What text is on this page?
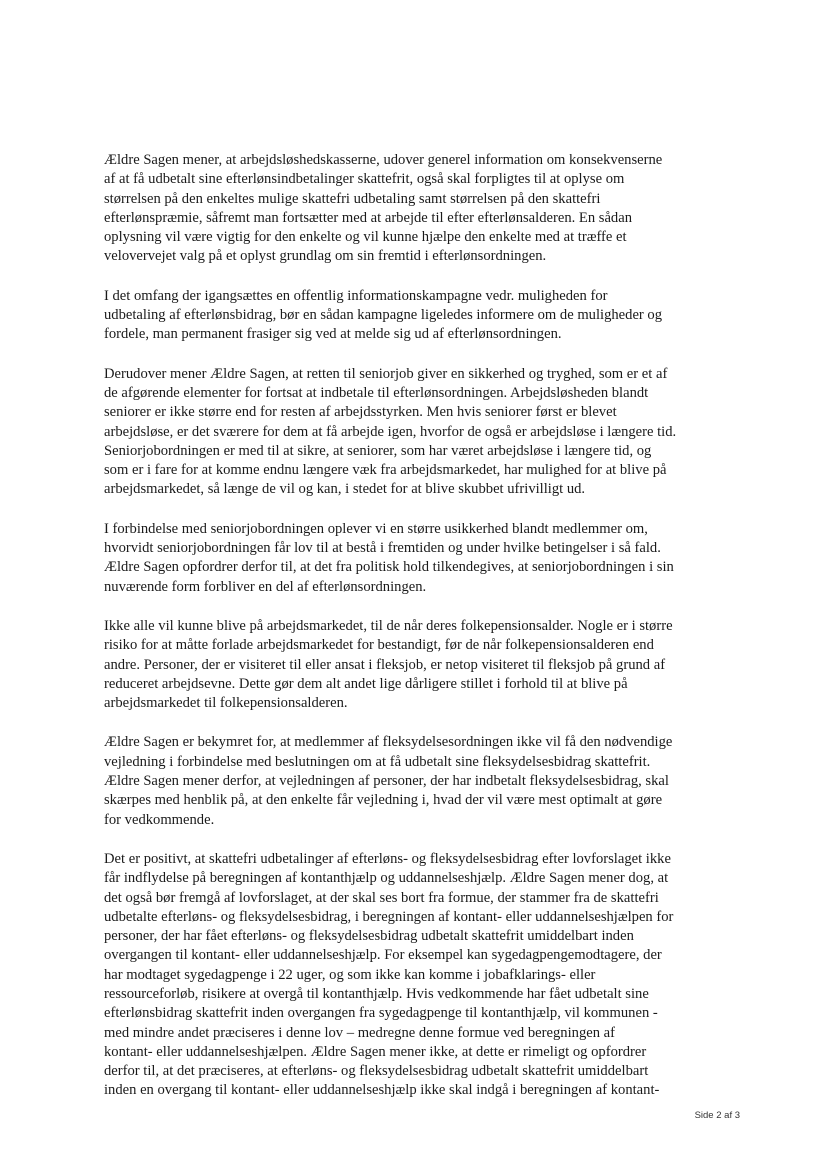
Ældre Sagen mener, at arbejdsløshedskasserne, udover generel information om konsekvenserne
af at få udbetalt sine efterlønsindbetalinger skattefrit, også skal forpligtes til at oplyse om
størrelsen på den enkeltes mulige skattefri udbetaling samt størrelsen på den skattefri
efterlønspræmie, såfremt man fortsætter med at arbejde til efter efterlønsalderen. En sådan
oplysning vil være vigtig for den enkelte og vil kunne hjælpe den enkelte med at træffe et
velovervejet valg på et oplyst grundlag om sin fremtid i efterlønsordningen.

I det omfang der igangsættes en offentlig informationskampagne vedr. muligheden for
udbetaling af efterlønsbidrag, bør en sådan kampagne ligeledes informere om de muligheder og
fordele, man permanent frasiger sig ved at melde sig ud af efterlønsordningen.

Derudover mener Ældre Sagen, at retten til seniorjob giver en sikkerhed og tryghed, som er et af
de afgørende elementer for fortsat at indbetale til efterlønsordningen. Arbejdsløsheden blandt
seniorer er ikke større end for resten af arbejdsstyrken. Men hvis seniorer først er blevet
arbejdsløse, er det sværere for dem at få arbejde igen, hvorfor de også er arbejdsløse i længere tid.
Seniorjobordningen er med til at sikre, at seniorer, som har været arbejdsløse i længere tid, og
som er i fare for at komme endnu længere væk fra arbejdsmarkedet, har mulighed for at blive på
arbejdsmarkedet, så længe de vil og kan, i stedet for at blive skubbet ufrivilligt ud.

I forbindelse med seniorjobordningen oplever vi en større usikkerhed blandt medlemmer om,
hvorvidt seniorjobordningen får lov til at bestå i fremtiden og under hvilke betingelser i så fald.
Ældre Sagen opfordrer derfor til, at det fra politisk hold tilkendegives, at seniorjobordningen i sin
nuværende form forbliver en del af efterlønsordningen.

Ikke alle vil kunne blive på arbejdsmarkedet, til de når deres folkepensionsalder. Nogle er i større
risiko for at måtte forlade arbejdsmarkedet for bestandigt, før de når folkepensionsalderen end
andre. Personer, der er visiteret til eller ansat i fleksjob, er netop visiteret til fleksjob på grund af
reduceret arbejdsevne. Dette gør dem alt andet lige dårligere stillet i forhold til at blive på
arbejdsmarkedet til folkepensionsalderen.

Ældre Sagen er bekymret for, at medlemmer af fleksydelsesordningen ikke vil få den nødvendige
vejledning i forbindelse med beslutningen om at få udbetalt sine fleksydelsesbidrag skattefrit.
Ældre Sagen mener derfor, at vejledningen af personer, der har indbetalt fleksydelsesbidrag, skal
skærpes med henblik på, at den enkelte får vejledning i, hvad der vil være mest optimalt at gøre
for vedkommende.

Det er positivt, at skattefri udbetalinger af efterløns- og fleksydelsesbidrag efter lovforslaget ikke
får indflydelse på beregningen af kontanthjælp og uddannelseshjælp. Ældre Sagen mener dog, at
det også bør fremgå af lovforslaget, at der skal ses bort fra formue, der stammer fra de skattefri
udbetalte efterløns- og fleksydelsesbidrag, i beregningen af kontant- eller uddannelseshjælpen for
personer, der har fået efterløns- og fleksydelsesbidrag udbetalt skattefrit umiddelbart inden
overgangen til kontant- eller uddannelseshjælp. For eksempel kan sygedagpengemodtagere, der
har modtaget sygedagpenge i 22 uger, og som ikke kan komme i jobafklarings- eller
ressourceforløb, risikere at overgå til kontanthjælp. Hvis vedkommende har fået udbetalt sine
efterlønsbidrag skattefrit inden overgangen fra sygedagpenge til kontanthjælp, vil kommunen -
med mindre andet præciseres i denne lov – medregne denne formue ved beregningen af
kontant- eller uddannelseshjælpen. Ældre Sagen mener ikke, at dette er rimeligt og opfordrer
derfor til, at det præciseres, at efterløns- og fleksydelsesbidrag udbetalt skattefrit umiddelbart
inden en overgang til kontant- eller uddannelseshjælp ikke skal indgå i beregningen af kontant-

Side 2 af 3
